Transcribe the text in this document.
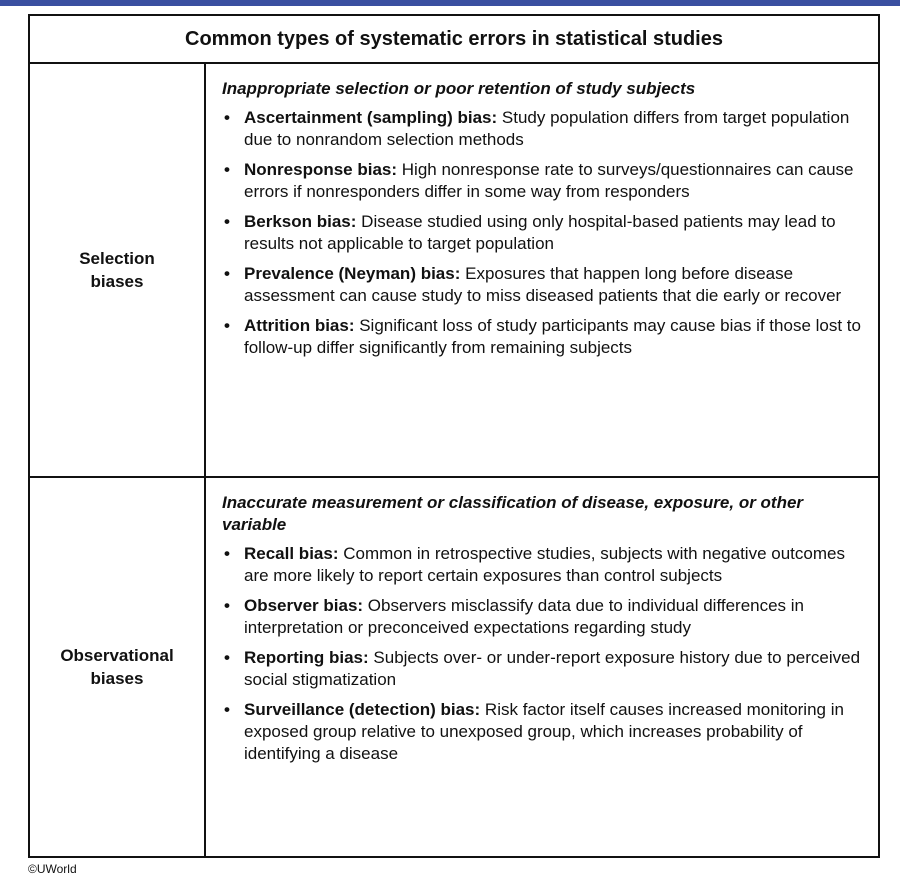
Common types of systematic errors in statistical studies
Selection
biases
Inappropriate selection or poor retention of study subjects
• Ascertainment (sampling) bias: Study population differs from target population due to nonrandom selection methods
• Nonresponse bias: High nonresponse rate to surveys/questionnaires can cause errors if nonresponders differ in some way from responders
• Berkson bias: Disease studied using only hospital-based patients may lead to results not applicable to target population
• Prevalence (Neyman) bias: Exposures that happen long before disease assessment can cause study to miss diseased patients that die early or recover
• Attrition bias: Significant loss of study participants may cause bias if those lost to follow-up differ significantly from remaining subjects
Observational
biases
Inaccurate measurement or classification of disease, exposure, or other variable
• Recall bias: Common in retrospective studies, subjects with negative outcomes are more likely to report certain exposures than control subjects
• Observer bias: Observers misclassify data due to individual differences in interpretation or preconceived expectations regarding study
• Reporting bias: Subjects over- or under-report exposure history due to perceived social stigmatization
• Surveillance (detection) bias: Risk factor itself causes increased monitoring in exposed group relative to unexposed group, which increases probability of identifying a disease
©UWorld
